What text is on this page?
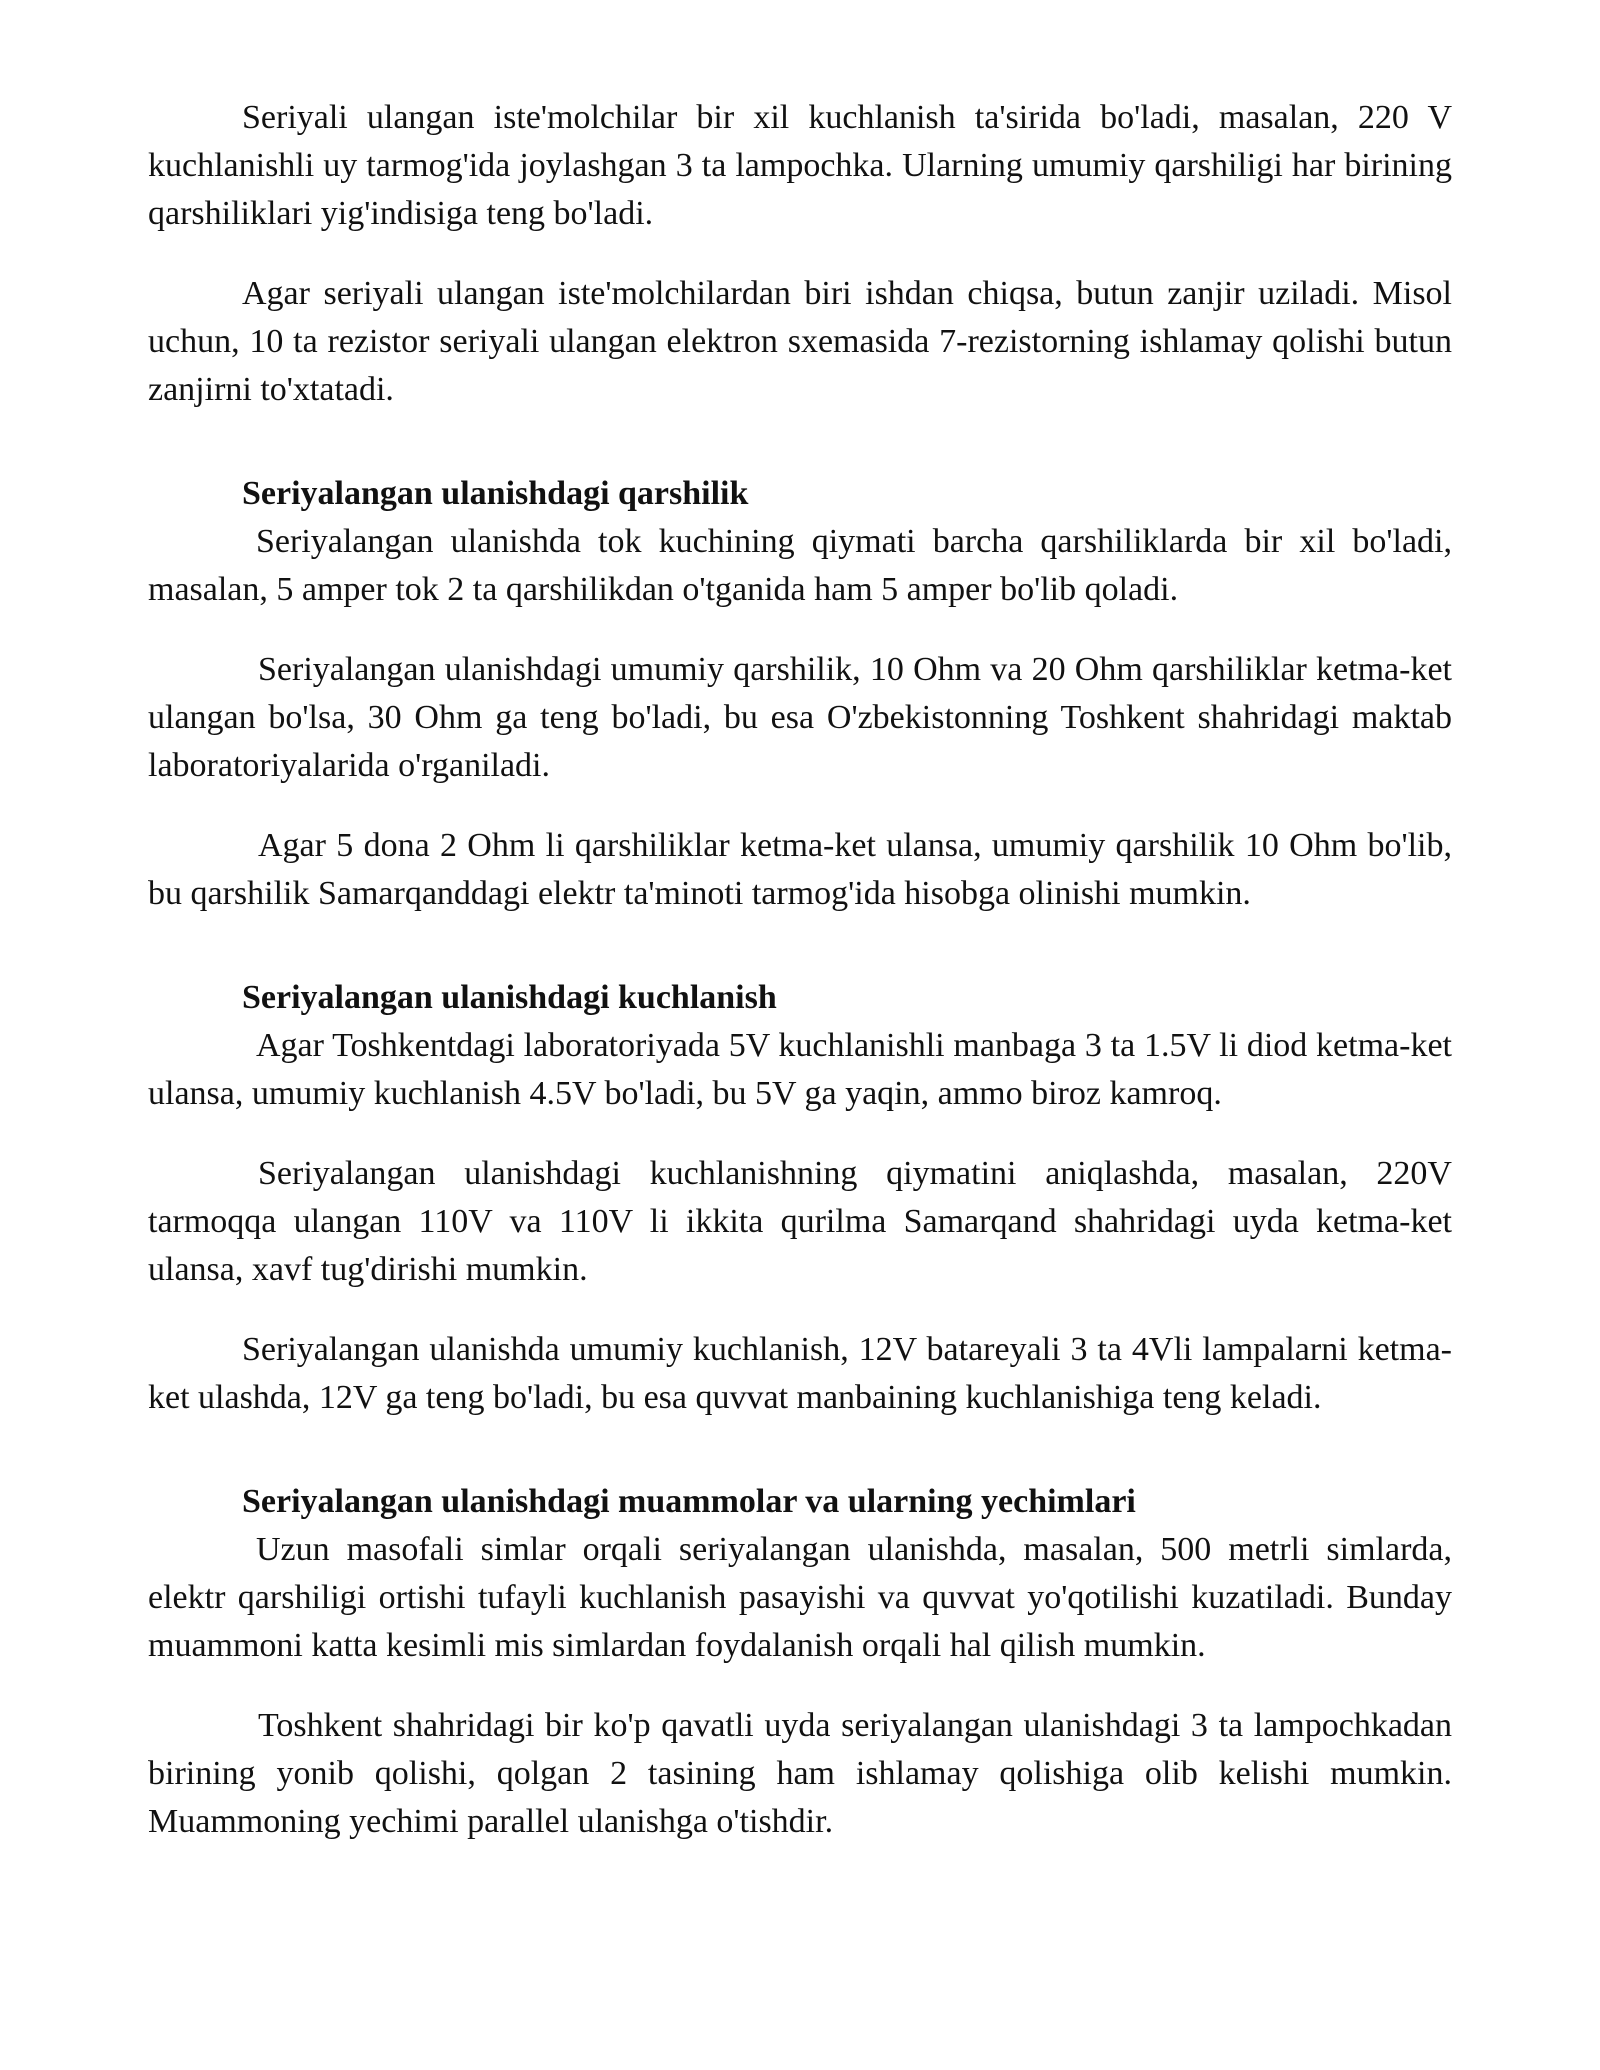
Seriyali ulangan iste'molchilar bir xil kuchlanish ta'sirida bo'ladi, masalan, 220 V kuchlanishli uy tarmog'ida joylashgan 3 ta lampochka. Ularning umumiy qarshiligi har birining qarshiliklari yig'indisiga teng bo'ladi.

Agar seriyali ulangan iste'molchilardan biri ishdan chiqsa, butun zanjir uziladi. Misol uchun, 10 ta rezistor seriyali ulangan elektron sxemasida 7-rezistorning ishlamay qolishi butun zanjirni to'xtatadi.

Seriyalangan ulanishdagi qarshilik

Seriyalangan ulanishda tok kuchining qiymati barcha qarshiliklarda bir xil bo'ladi, masalan, 5 amper tok 2 ta qarshilikdan o'tganida ham 5 amper bo'lib qoladi.

Seriyalangan ulanishdagi umumiy qarshilik, 10 Ohm va 20 Ohm qarshiliklar ketma-ket ulangan bo'lsa, 30 Ohm ga teng bo'ladi, bu esa O'zbekistonning Toshkent shahridagi maktab laboratoriyalarida o'rganiladi.

Agar 5 dona 2 Ohm li qarshiliklar ketma-ket ulansa, umumiy qarshilik 10 Ohm bo'lib, bu qarshilik Samarqanddagi elektr ta'minoti tarmog'ida hisobga olinishi mumkin.

Seriyalangan ulanishdagi kuchlanish

Agar Toshkentdagi laboratoriyada 5V kuchlanishli manbaga 3 ta 1.5V li diod ketma-ket ulansa, umumiy kuchlanish 4.5V bo'ladi, bu 5V ga yaqin, ammo biroz kamroq.

Seriyalangan ulanishdagi kuchlanishning qiymatini aniqlashda, masalan, 220V tarmoqqa ulangan 110V va 110V li ikkita qurilma Samarqand shahridagi uyda ketma-ket ulansa, xavf tug'dirishi mumkin.

Seriyalangan ulanishda umumiy kuchlanish, 12V batareyali 3 ta 4Vli lampalarni ketma-ket ulashda, 12V ga teng bo'ladi, bu esa quvvat manbaining kuchlanishiga teng keladi.

Seriyalangan ulanishdagi muammolar va ularning yechimlari

Uzun masofali simlar orqali seriyalangan ulanishda, masalan, 500 metrli simlarda, elektr qarshiligi ortishi tufayli kuchlanish pasayishi va quvvat yo'qotilishi kuzatiladi. Bunday muammoni katta kesimli mis simlardan foydalanish orqali hal qilish mumkin.

Toshkent shahridagi bir ko'p qavatli uyda seriyalangan ulanishdagi 3 ta lampochkadan birining yonib qolishi, qolgan 2 tasining ham ishlamay qolishiga olib kelishi mumkin. Muammoning yechimi parallel ulanishga o'tishdir.
